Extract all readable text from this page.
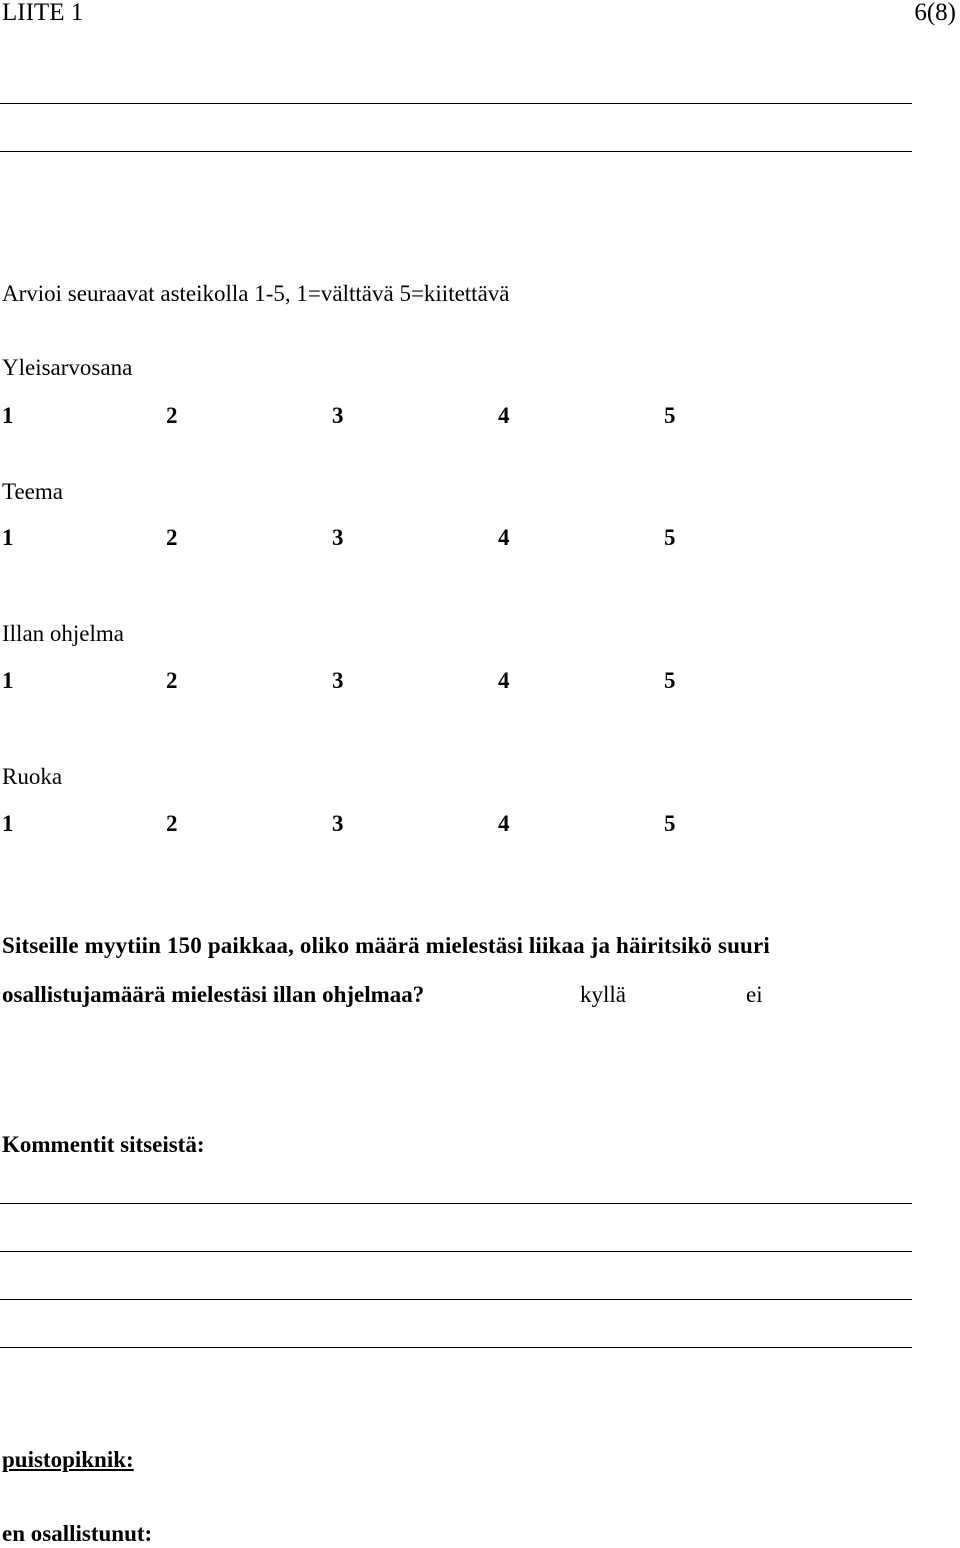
LIITE 1	6(8)
Arvioi seuraavat asteikolla 1-5, 1=välttävä 5=kiitettävä
Yleisarvosana
1	2	3	4	5
Teema
1	2	3	4	5
Illan ohjelma
1	2	3	4	5
Ruoka
1	2	3	4	5
Sitseille myytiin 150 paikkaa, oliko määrä mielestäsi liikaa ja häiritsikö suuri
osallistujamäärä mielestäsi illan ohjelmaa?	kyllä	ei
Kommentit sitseistä:
puistopiknik:
en osallistunut:
